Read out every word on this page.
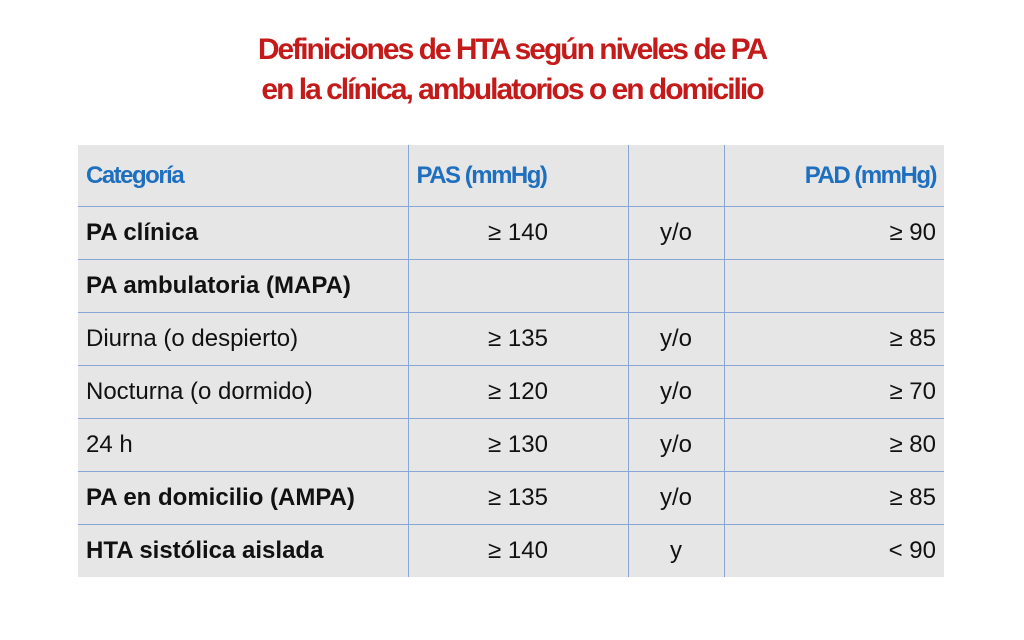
Definiciones de HTA según niveles de PA
en la clínica, ambulatorios o en domicilio
Categoría	PAS (mmHg)		PAD (mmHg)
PA clínica	≥ 140	y/o	≥ 90
PA ambulatoria (MAPA)			
Diurna (o despierto)	≥ 135	y/o	≥ 85
Nocturna (o dormido)	≥ 120	y/o	≥ 70
24 h	≥ 130	y/o	≥ 80
PA en domicilio (AMPA)	≥ 135	y/o	≥ 85
HTA sistólica aislada	≥ 140	y	< 90
